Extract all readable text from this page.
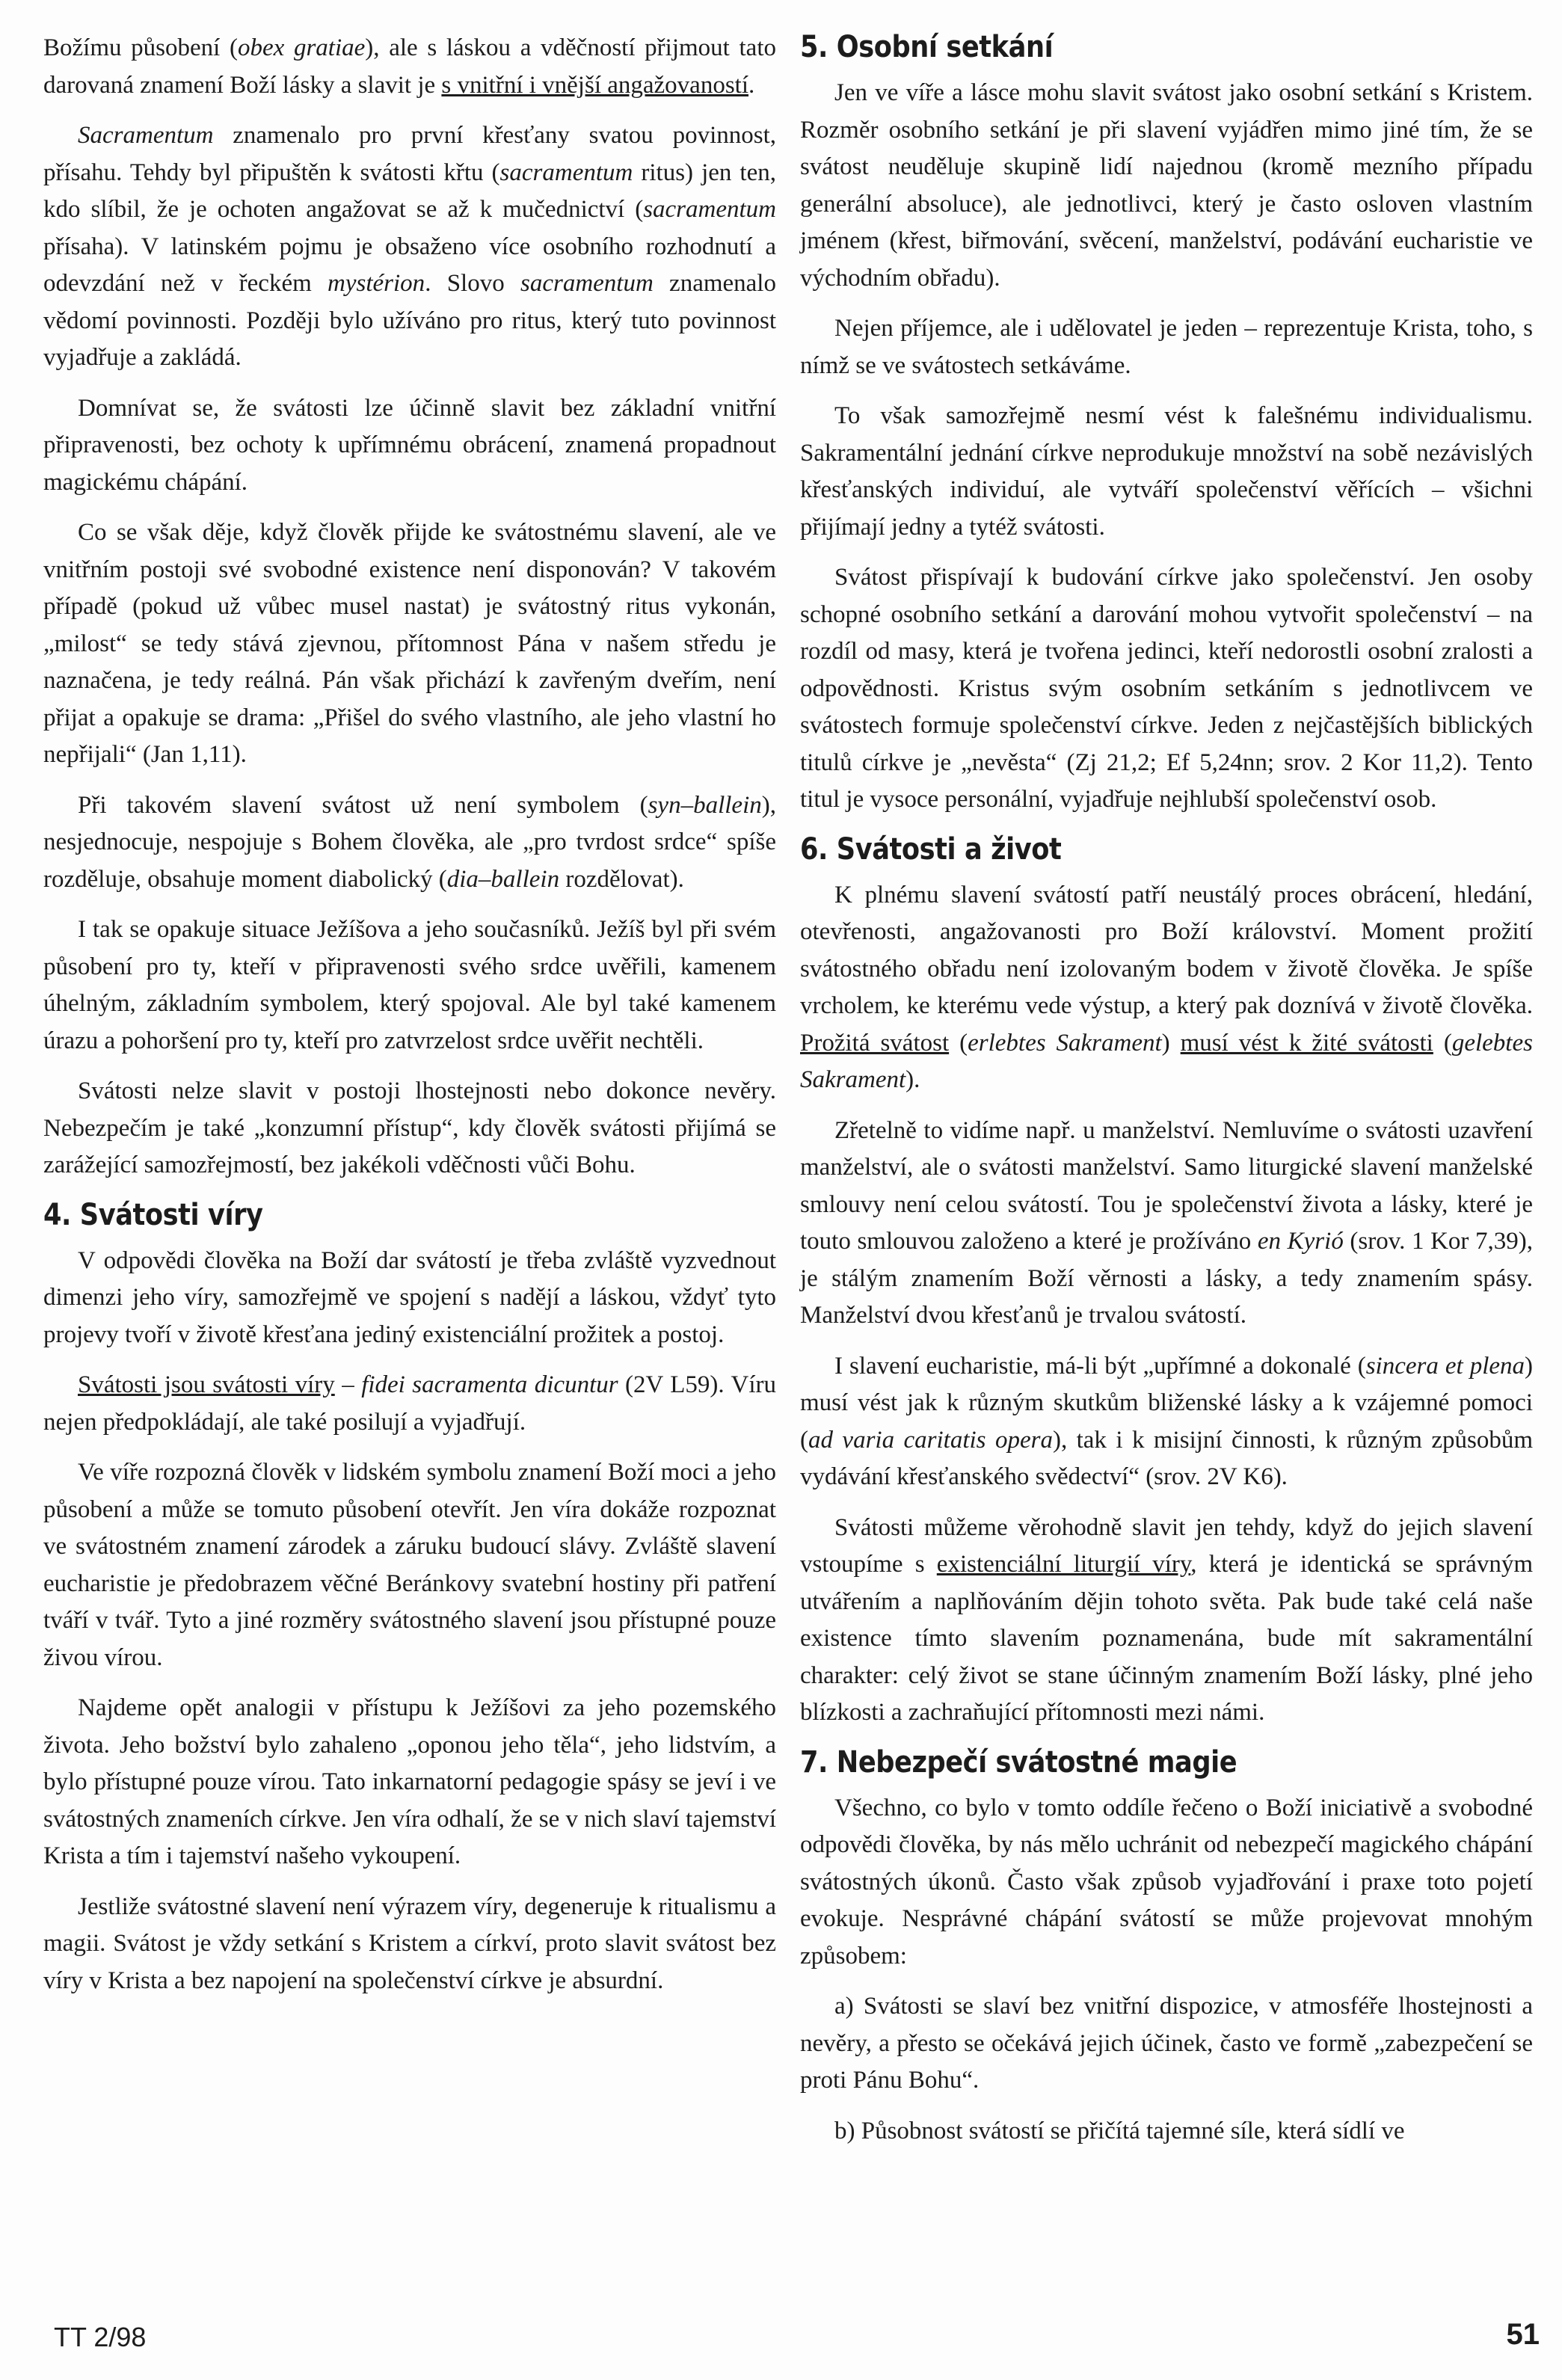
Božímu působení (obex gratiae), ale s láskou a vděčností přijmout tato darovaná znamení Boží lásky a slavit je s vnitřní i vnější angažovaností.

Sacramentum znamenalo pro první křesťany svatou povinnost, přísahu. Tehdy byl připuštěn k svátosti křtu (sacramentum ritus) jen ten, kdo slíbil, že je ochoten angažovat se až k mučednictví (sacramentum přísaha). V latinském pojmu je obsaženo více osobního rozhodnutí a odevzdání než v řeckém mystérion. Slovo sacramentum znamenalo vědomí povinnosti. Později bylo užíváno pro ritus, který tuto povinnost vyjadřuje a zakládá.

Domnívat se, že svátosti lze účinně slavit bez základní vnitřní připravenosti, bez ochoty k upřímnému obrácení, znamená propadnout magickému chápání.

Co se však děje, když člověk přijde ke svátostnému slavení, ale ve vnitřním postoji své svobodné existence není disponován? V takovém případě (pokud už vůbec musel nastat) je svátostný ritus vykonán, „milost“ se tedy stává zjevnou, přítomnost Pána v našem středu je naznačena, je tedy reálná. Pán však přichází k zavřeným dveřím, není přijat a opakuje se drama: „Přišel do svého vlastního, ale jeho vlastní ho nepřijali“ (Jan 1,11).

Při takovém slavení svátost už není symbolem (syn–ballein), nesjednocuje, nespojuje s Bohem člověka, ale „pro tvrdost srdce“ spíše rozděluje, obsahuje moment diabolický (dia–ballein rozdělovat).

I tak se opakuje situace Ježíšova a jeho současníků. Ježíš byl při svém působení pro ty, kteří v připravenosti svého srdce uvěřili, kamenem úhelným, základním symbolem, který spojoval. Ale byl také kamenem úrazu a pohoršení pro ty, kteří pro zatvrzelost srdce uvěřit nechtěli.

Svátosti nelze slavit v postoji lhostejnosti nebo dokonce nevěry. Nebezpečím je také „konzumní přístup“, kdy člověk svátosti přijímá se zarážející samozřejmostí, bez jakékoli vděčnosti vůči Bohu.

4. Svátosti víry

V odpovědi člověka na Boží dar svátostí je třeba zvláště vyzvednout dimenzi jeho víry, samozřejmě ve spojení s nadějí a láskou, vždyť tyto projevy tvoří v životě křesťana jediný existenciální prožitek a postoj.

Svátosti jsou svátosti víry – fidei sacramenta dicuntur (2V L59). Víru nejen předpokládají, ale také posilují a vyjadřují.

Ve víře rozpozná člověk v lidském symbolu znamení Boží moci a jeho působení a může se tomuto působení otevřít. Jen víra dokáže rozpoznat ve svátostném znamení zárodek a záruku budoucí slávy. Zvláště slavení eucharistie je předobrazem věčné Beránkovy svatební hostiny při patření tváří v tvář. Tyto a jiné rozměry svátostného slavení jsou přístupné pouze živou vírou.

Najdeme opět analogii v přístupu k Ježíšovi za jeho pozemského života. Jeho božství bylo zahaleno „oponou jeho těla“, jeho lidstvím, a bylo přístupné pouze vírou. Tato inkarnatorní pedagogie spásy se jeví i ve svátostných znameních církve. Jen víra odhalí, že se v nich slaví tajemství Krista a tím i tajemství našeho vykoupení.

Jestliže svátostné slavení není výrazem víry, degeneruje k ritualismu a magii. Svátost je vždy setkání s Kristem a církví, proto slavit svátost bez víry v Krista a bez napojení na společenství církve je absurdní.

5. Osobní setkání

Jen ve víře a lásce mohu slavit svátost jako osobní setkání s Kristem. Rozměr osobního setkání je při slavení vyjádřen mimo jiné tím, že se svátost neuděluje skupině lidí najednou (kromě mezního případu generální absoluce), ale jednotlivci, který je často osloven vlastním jménem (křest, biřmování, svěcení, manželství, podávání eucharistie ve východním obřadu).

Nejen příjemce, ale i udělovatel je jeden – reprezentuje Krista, toho, s nímž se ve svátostech setkáváme.

To však samozřejmě nesmí vést k falešnému individualismu. Sakramentální jednání církve neprodukuje množství na sobě nezávislých křesťanských individuí, ale vytváří společenství věřících – všichni přijímají jedny a tytéž svátosti.

Svátost přispívají k budování církve jako společenství. Jen osoby schopné osobního setkání a darování mohou vytvořit společenství – na rozdíl od masy, která je tvořena jedinci, kteří nedorostli osobní zralosti a odpovědnosti. Kristus svým osobním setkáním s jednotlivcem ve svátostech formuje společenství církve. Jeden z nejčastějších biblických titulů církve je „nevěsta“ (Zj 21,2; Ef 5,24nn; srov. 2 Kor 11,2). Tento titul je vysoce personální, vyjadřuje nejhlubší společenství osob.

6. Svátosti a život

K plnému slavení svátostí patří neustálý proces obrácení, hledání, otevřenosti, angažovanosti pro Boží království. Moment prožití svátostného obřadu není izolovaným bodem v životě člověka. Je spíše vrcholem, ke kterému vede výstup, a který pak doznívá v životě člověka. Prožitá svátost (erlebtes Sakrament) musí vést k žité svátosti (gelebtes Sakrament).

Zřetelně to vidíme např. u manželství. Nemluvíme o svátosti uzavření manželství, ale o svátosti manželství. Samo liturgické slavení manželské smlouvy není celou svátostí. Tou je společenství života a lásky, které je touto smlouvou založeno a které je prožíváno en Kyrió (srov. 1 Kor 7,39), je stálým znamením Boží věrnosti a lásky, a tedy znamením spásy. Manželství dvou křesťanů je trvalou svátostí.

I slavení eucharistie, má-li být „upřímné a dokonalé (sincera et plena) musí vést jak k různým skutkům bliženské lásky a k vzájemné pomoci (ad varia caritatis opera), tak i k misijní činnosti, k různým způsobům vydávání křesťanského svědectví“ (srov. 2V K6).

Svátosti můžeme věrohodně slavit jen tehdy, když do jejich slavení vstoupíme s existenciální liturgií víry, která je identická se správným utvářením a naplňováním dějin tohoto světa. Pak bude také celá naše existence tímto slavením poznamenána, bude mít sakramentální charakter: celý život se stane účinným znamením Boží lásky, plné jeho blízkosti a zachraňující přítomnosti mezi námi.

7. Nebezpečí svátostné magie

Všechno, co bylo v tomto oddíle řečeno o Boží iniciativě a svobodné odpovědi člověka, by nás mělo uchránit od nebezpečí magického chápání svátostných úkonů. Často však způsob vyjadřování i praxe toto pojetí evokuje. Nesprávné chápání svátostí se může projevovat mnohým způsobem:

a) Svátosti se slaví bez vnitřní dispozice, v atmosféře lhostejnosti a nevěry, a přesto se očekává jejich účinek, často ve formě „zabezpečení se proti Pánu Bohu“.

b) Působnost svátostí se přičítá tajemné síle, která sídlí ve

TT 2/98	51
